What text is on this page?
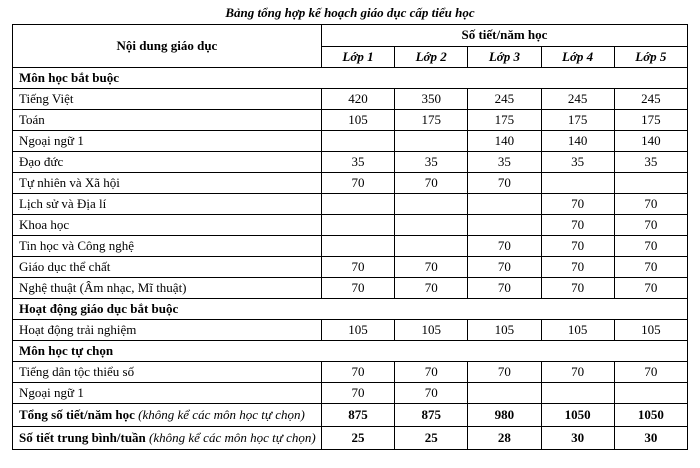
Bảng tổng hợp kế hoạch giáo dục cấp tiểu học
Nội dung giáo dục	Số tiết/năm học				
	Lớp 1	Lớp 2	Lớp 3	Lớp 4	Lớp 5
Môn học bắt buộc					
Tiếng Việt	420	350	245	245	245
Toán	105	175	175	175	175
Ngoại ngữ 1			140	140	140
Đạo đức	35	35	35	35	35
Tự nhiên và Xã hội	70	70	70		
Lịch sử và Địa lí				70	70
Khoa học				70	70
Tin học và Công nghệ			70	70	70
Giáo dục thể chất	70	70	70	70	70
Nghệ thuật (Âm nhạc, Mĩ thuật)	70	70	70	70	70
Hoạt động giáo dục bắt buộc					
Hoạt động trải nghiệm	105	105	105	105	105
Môn học tự chọn					
Tiếng dân tộc thiểu số	70	70	70	70	70
Ngoại ngữ 1	70	70			
Tổng số tiết/năm học (không kể các môn học tự chọn)	875	875	980	1050	1050
Số tiết trung bình/tuần (không kể các môn học tự chọn)	25	25	28	30	30
